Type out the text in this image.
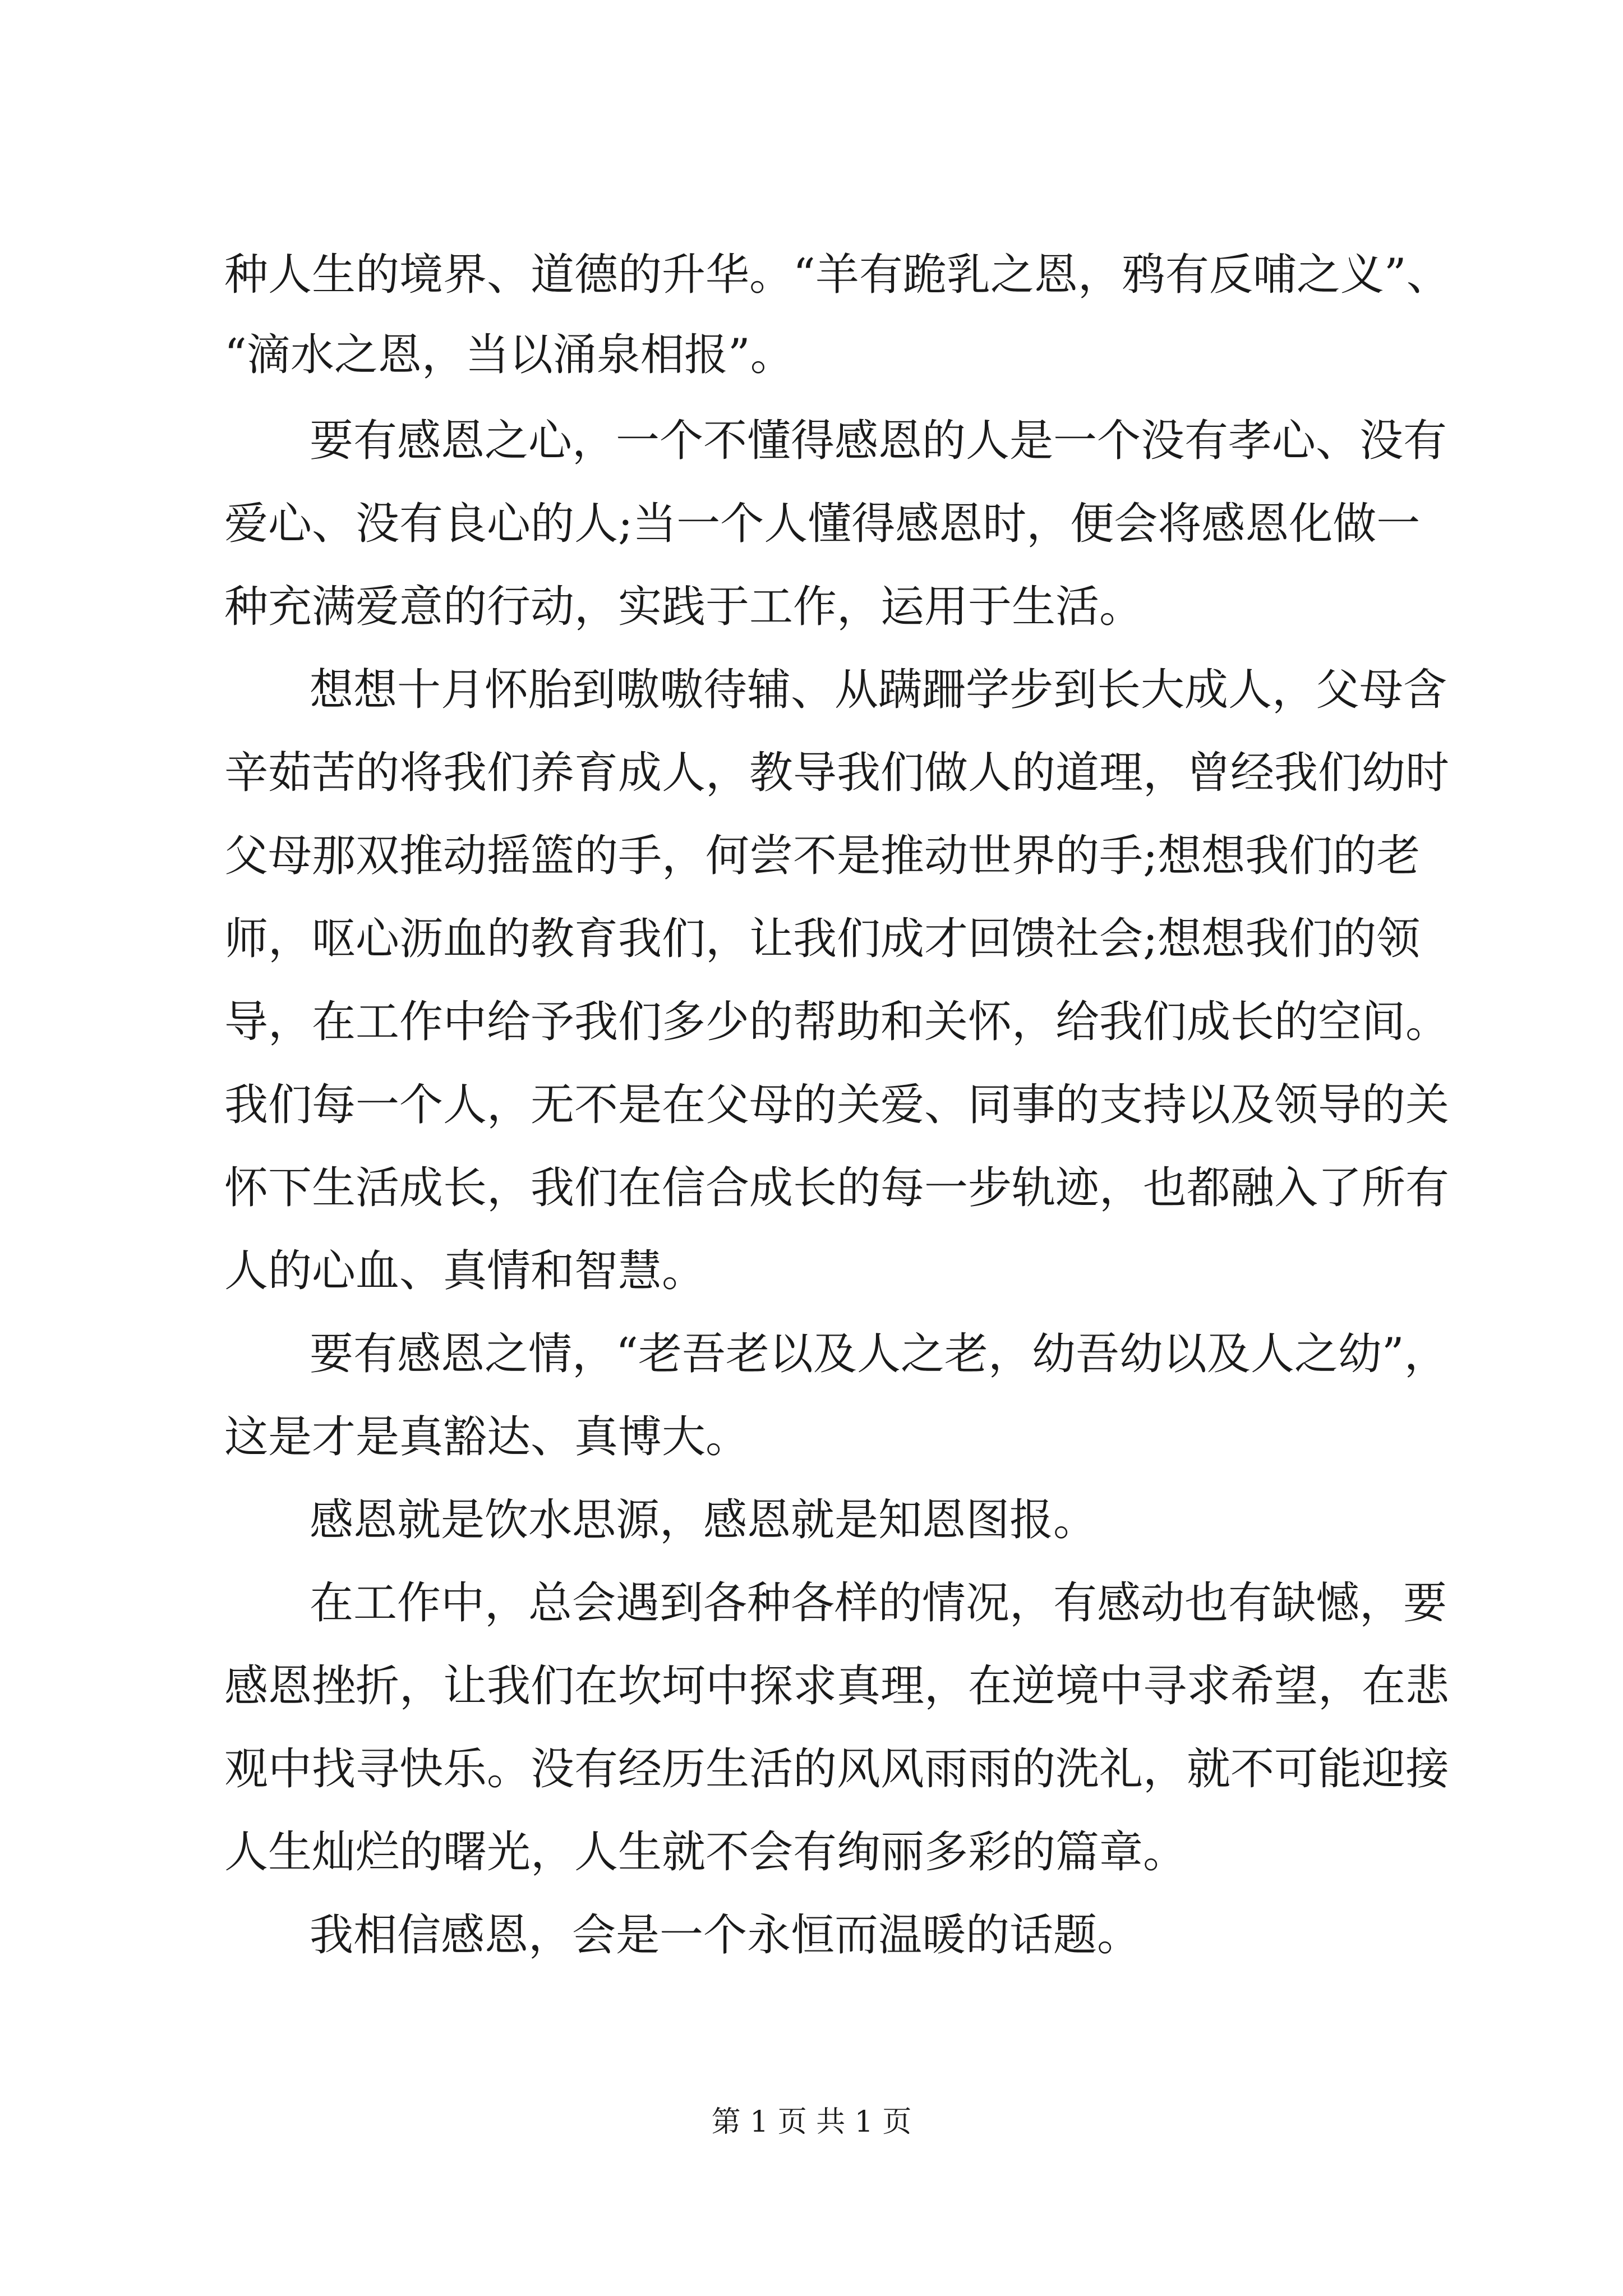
种人生的境界、道德的升华。“羊有跪乳之恩，鸦有反哺之义”、
“滴水之恩，当以涌泉相报”。
要有感恩之心，一个不懂得感恩的人是一个没有孝心、没有
爱心、没有良心的人;当一个人懂得感恩时，便会将感恩化做一
种充满爱意的行动，实践于工作，运用于生活。
想想十月怀胎到嗷嗷待辅、从蹒跚学步到长大成人，父母含
辛茹苦的将我们养育成人，教导我们做人的道理，曾经我们幼时
父母那双推动摇篮的手，何尝不是推动世界的手;想想我们的老
师，呕心沥血的教育我们，让我们成才回馈社会;想想我们的领
导，在工作中给予我们多少的帮助和关怀，给我们成长的空间。
我们每一个人，无不是在父母的关爱、同事的支持以及领导的关
怀下生活成长，我们在信合成长的每一步轨迹，也都融入了所有
人的心血、真情和智慧。
要有感恩之情，“老吾老以及人之老，幼吾幼以及人之幼”，
这是才是真豁达、真博大。
感恩就是饮水思源，感恩就是知恩图报。
在工作中，总会遇到各种各样的情况，有感动也有缺憾，要
感恩挫折，让我们在坎坷中探求真理，在逆境中寻求希望，在悲
观中找寻快乐。没有经历生活的风风雨雨的洗礼，就不可能迎接
人生灿烂的曙光，人生就不会有绚丽多彩的篇章。
我相信感恩，会是一个永恒而温暖的话题。
第 1 页 共 1 页
